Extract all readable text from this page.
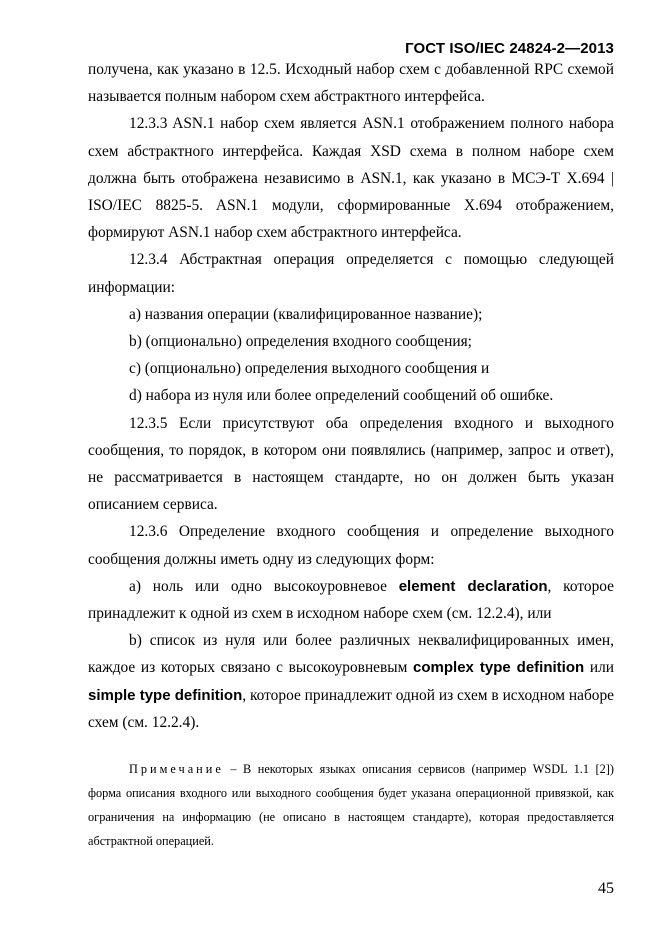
ГОСТ ISO/IEC 24824-2—2013

получена, как указано в 12.5. Исходный набор схем с добавленной RPC схемой называется полным набором схем абстрактного интерфейса.

12.3.3 ASN.1 набор схем является ASN.1 отображением полного набора схем абстрактного интерфейса. Каждая XSD схема в полном наборе схем должна быть отображена независимо в ASN.1, как указано в МСЭ-Т X.694 | ISO/IEC 8825-5. ASN.1 модули, сформированные X.694 отображением, формируют ASN.1 набор схем абстрактного интерфейса.

12.3.4 Абстрактная операция определяется с помощью следующей информации:

a) названия операции (квалифицированное название);

b) (опционально) определения входного сообщения;

c) (опционально) определения выходного сообщения и

d) набора из нуля или более определений сообщений об ошибке.

12.3.5 Если присутствуют оба определения входного и выходного сообщения, то порядок, в котором они появлялись (например, запрос и ответ), не рассматривается в настоящем стандарте, но он должен быть указан описанием сервиса.

12.3.6 Определение входного сообщения и определение выходного сообщения должны иметь одну из следующих форм:

a) ноль или одно высокоуровневое element declaration, которое принадлежит к одной из схем в исходном наборе схем (см. 12.2.4), или

b) список из нуля или более различных неквалифицированных имен, каждое из которых связано с высокоуровневым complex type definition или simple type definition, которое принадлежит одной из схем в исходном наборе схем (см. 12.2.4).

Примечание – В некоторых языках описания сервисов (например WSDL 1.1 [2]) форма описания входного или выходного сообщения будет указана операционной привязкой, как ограничения на информацию (не описано в настоящем стандарте), которая предоставляется абстрактной операцией.
45
